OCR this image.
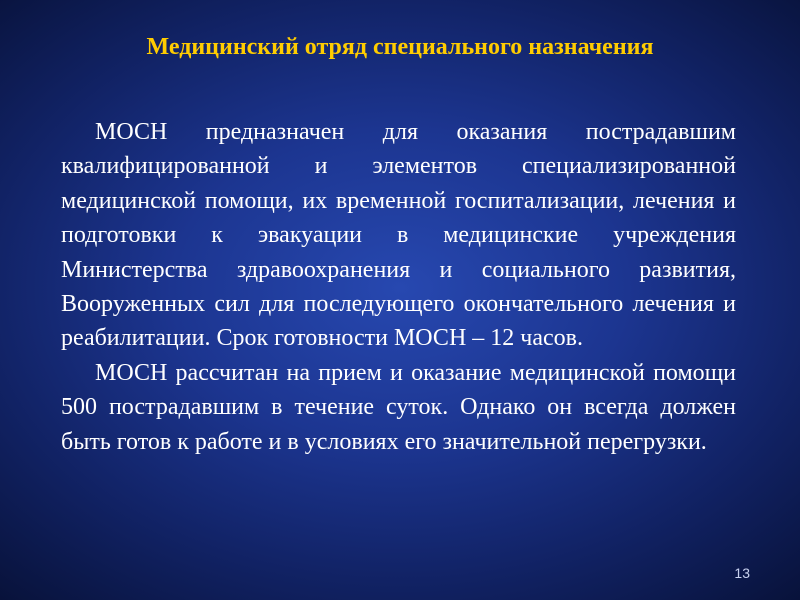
Медицинский отряд специального назначения

МОСН предназначен для оказания пострадавшим квалифицированной и элементов специализированной медицинской помощи, их временной госпитализации, лечения и подготовки к эвакуации в медицинские учреждения Министерства здравоохранения и социального развития, Вооруженных сил для последующего окончательного лечения и реабилитации. Срок готовности МОСН – 12 часов.

МОСН рассчитан на прием и оказание медицинской помощи 500 пострадавшим в течение суток. Однако он всегда должен быть готов к работе и в условиях его значительной перегрузки.

13
